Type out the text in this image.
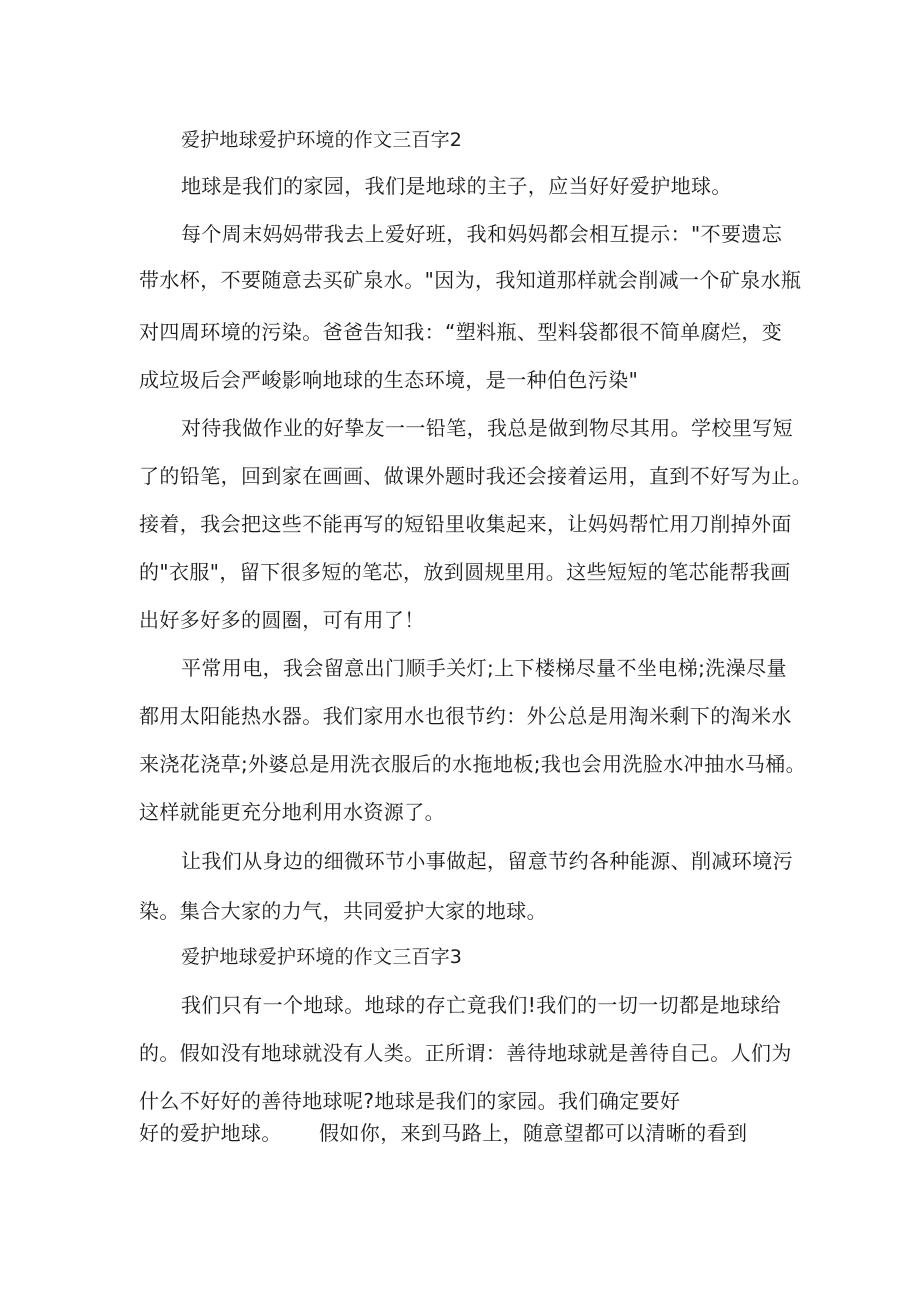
爱护地球爱护环境的作文三百字2
地球是我们的家园，我们是地球的主子，应当好好爱护地球。
每个周末妈妈带我去上爱好班，我和妈妈都会相互提示："不要遗忘
带水杯，不要随意去买矿泉水。"因为，我知道那样就会削减一个矿泉水瓶
对四周环境的污染。爸爸告知我：“塑料瓶、型料袋都很不简单腐烂，变
成垃圾后会严峻影响地球的生态环境，是一种伯色污染"
对待我做作业的好挚友一一铅笔，我总是做到物尽其用。学校里写短
了的铅笔，回到家在画画、做课外题时我还会接着运用，直到不好写为止。
接着，我会把这些不能再写的短铅里收集起来，让妈妈帮忙用刀削掉外面
的"衣服"，留下很多短的笔芯，放到圆规里用。这些短短的笔芯能帮我画
出好多好多的圆圈，可有用了！
平常用电，我会留意出门顺手关灯;上下楼梯尽量不坐电梯;洗澡尽量
都用太阳能热水器。我们家用水也很节约：外公总是用淘米剩下的淘米水
来浇花浇草;外婆总是用洗衣服后的水拖地板;我也会用洗脸水冲抽水马桶。
这样就能更充分地利用水资源了。
让我们从身边的细微环节小事做起，留意节约各种能源、削减环境污
染。集合大家的力气，共同爱护大家的地球。
爱护地球爱护环境的作文三百字3
我们只有一个地球。地球的存亡竟我们!我们的一切一切都是地球给
的。假如没有地球就没有人类。正所谓：善待地球就是善待自己。人们为
什么不好好的善待地球呢?地球是我们的家园。我们确定要好
好的爱护地球。 假如你，来到马路上，随意望都可以清晰的看到
